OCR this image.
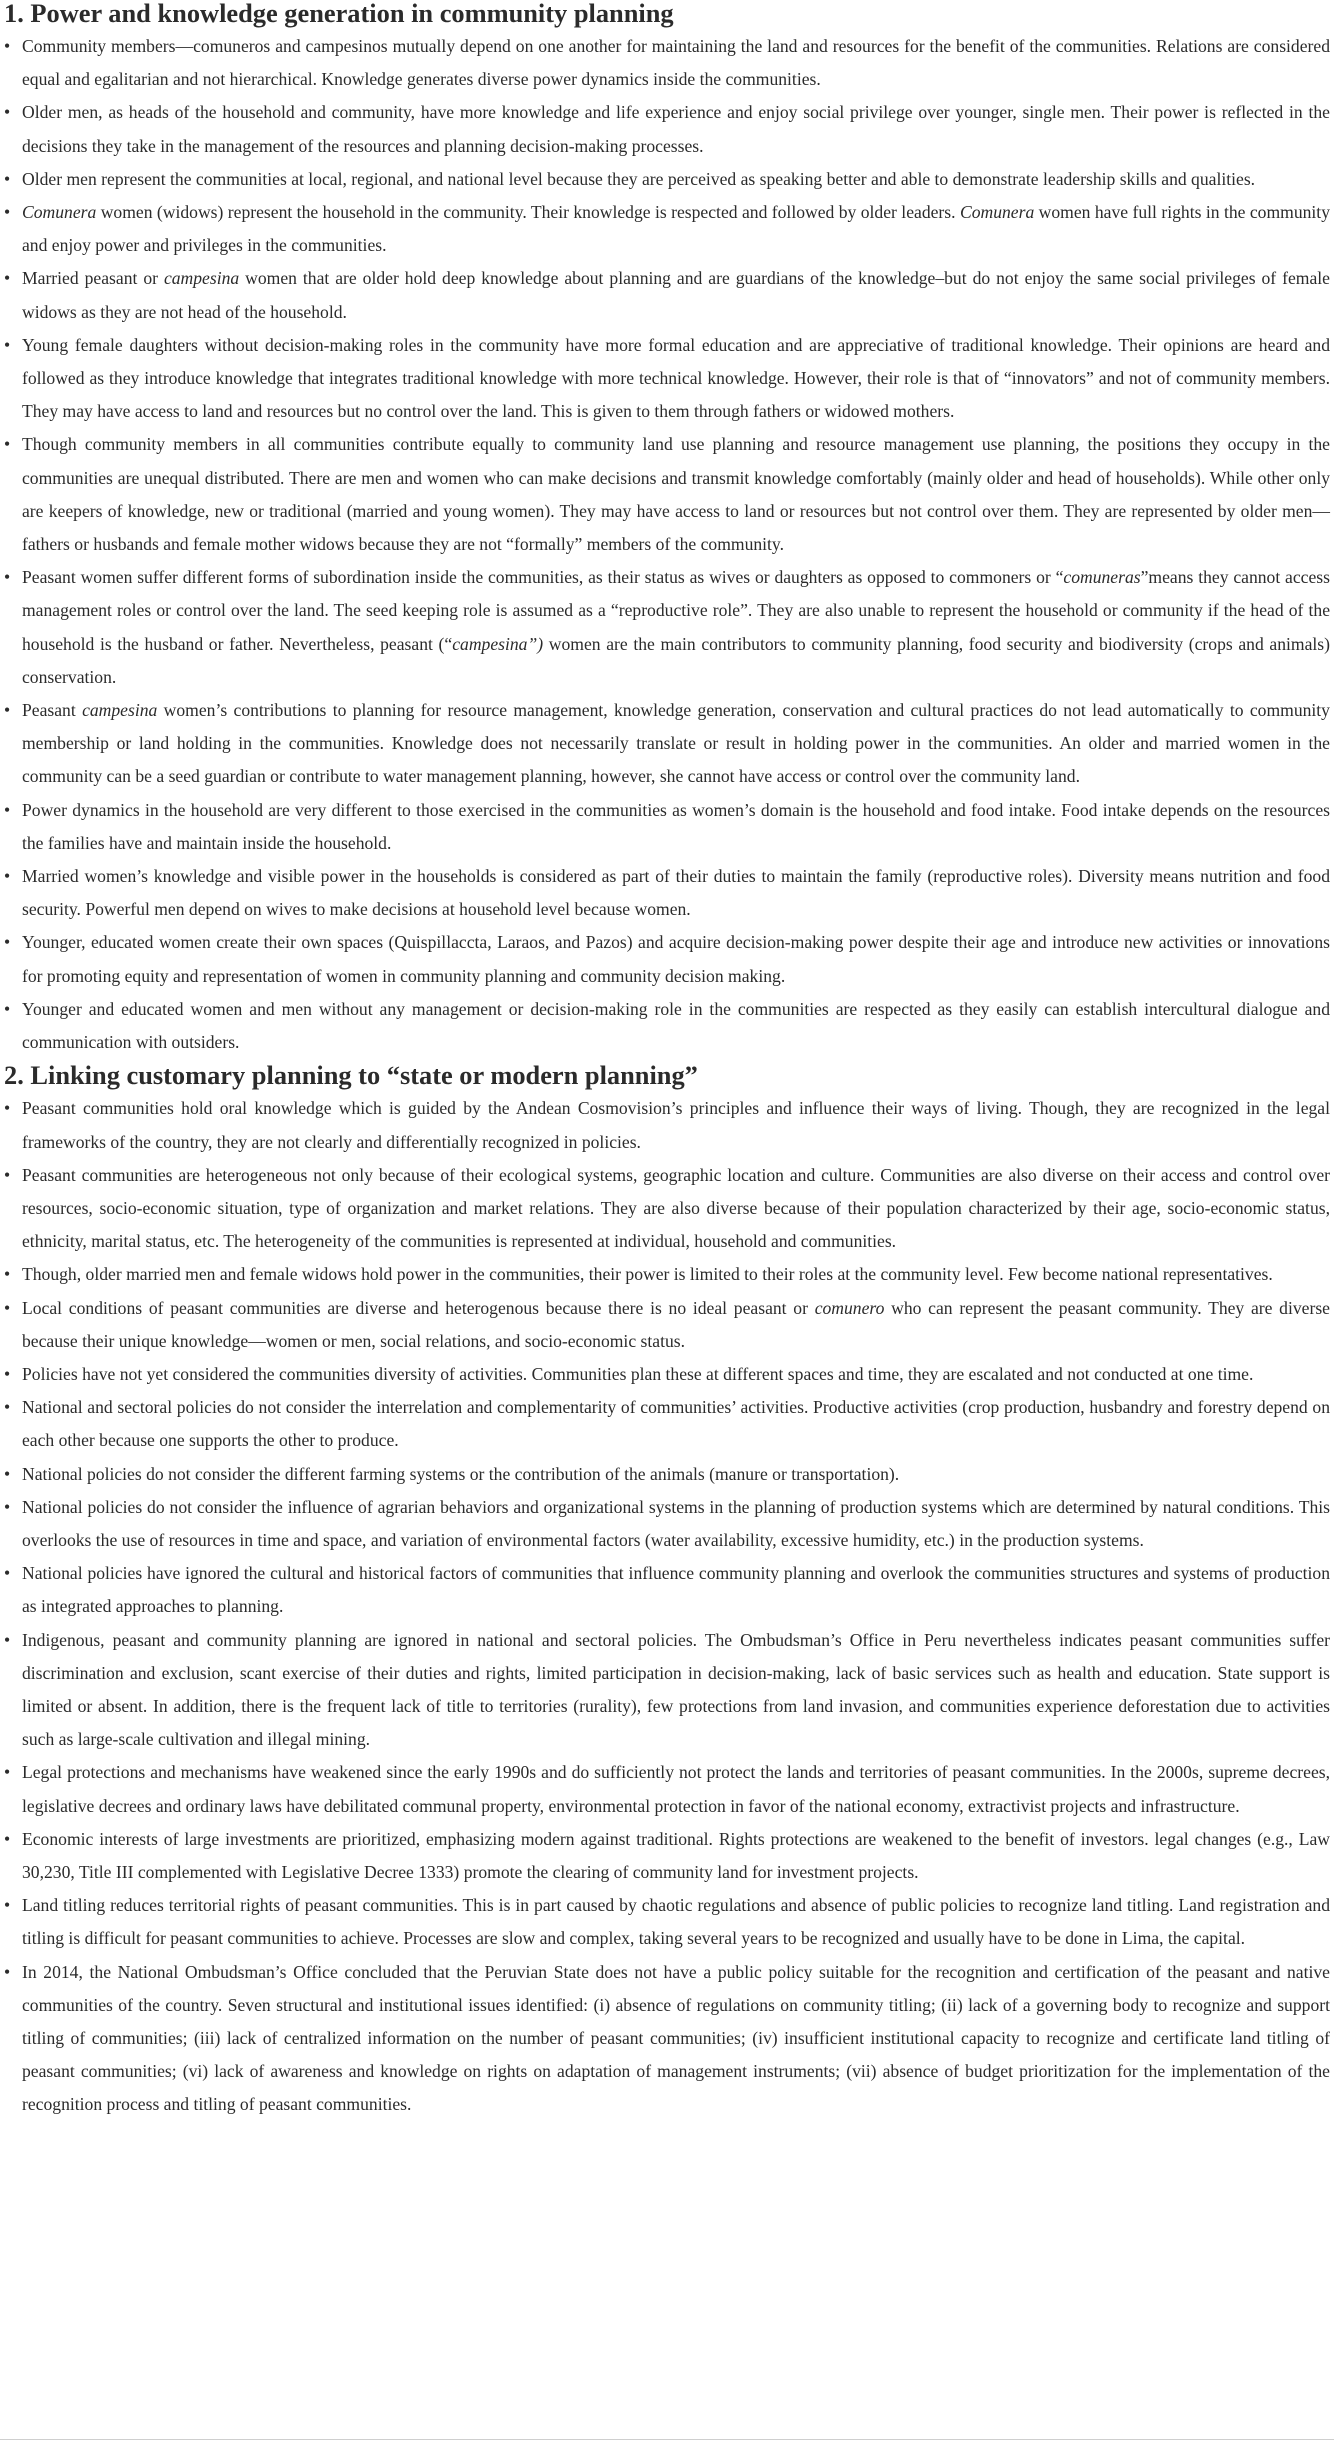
1. Power and knowledge generation in community planning

• Community members—comuneros and campesinos mutually depend on one another for maintaining the land and resources for the benefit of the communities. Relations are considered equal and egalitarian and not hierarchical. Knowledge generates diverse power dynamics inside the communities.

• Older men, as heads of the household and community, have more knowledge and life experience and enjoy social privilege over younger, single men. Their power is reflected in the decisions they take in the management of the resources and planning decision-making processes.

• Older men represent the communities at local, regional, and national level because they are perceived as speaking better and able to demonstrate leadership skills and qualities.

• Comunera women (widows) represent the household in the community. Their knowledge is respected and followed by older leaders. Comunera women have full rights in the community and enjoy power and privileges in the communities.

• Married peasant or campesina women that are older hold deep knowledge about planning and are guardians of the knowledge–but do not enjoy the same social privileges of female widows as they are not head of the household.

• Young female daughters without decision-making roles in the community have more formal education and are appreciative of traditional knowledge. Their opinions are heard and followed as they introduce knowledge that integrates traditional knowledge with more technical knowledge. However, their role is that of “innovators” and not of community members. They may have access to land and resources but no control over the land. This is given to them through fathers or widowed mothers.

• Though community members in all communities contribute equally to community land use planning and resource management use planning, the positions they occupy in the communities are unequal distributed. There are men and women who can make decisions and transmit knowledge comfortably (mainly older and head of households). While other only are keepers of knowledge, new or traditional (married and young women). They may have access to land or resources but not control over them. They are represented by older men—fathers or husbands and female mother widows because they are not “formally” members of the community.

• Peasant women suffer different forms of subordination inside the communities, as their status as wives or daughters as opposed to commoners or “comuneras”means they cannot access management roles or control over the land. The seed keeping role is assumed as a “reproductive role”. They are also unable to represent the household or community if the head of the household is the husband or father. Nevertheless, peasant (“campesina”) women are the main contributors to community planning, food security and biodiversity (crops and animals) conservation.

• Peasant campesina women’s contributions to planning for resource management, knowledge generation, conservation and cultural practices do not lead automatically to community membership or land holding in the communities. Knowledge does not necessarily translate or result in holding power in the communities. An older and married women in the community can be a seed guardian or contribute to water management planning, however, she cannot have access or control over the community land.

• Power dynamics in the household are very different to those exercised in the communities as women’s domain is the household and food intake. Food intake depends on the resources the families have and maintain inside the household.

• Married women’s knowledge and visible power in the households is considered as part of their duties to maintain the family (reproductive roles). Diversity means nutrition and food security. Powerful men depend on wives to make decisions at household level because women.

• Younger, educated women create their own spaces (Quispillaccta, Laraos, and Pazos) and acquire decision-making power despite their age and introduce new activities or innovations for promoting equity and representation of women in community planning and community decision making.

• Younger and educated women and men without any management or decision-making role in the communities are respected as they easily can establish intercultural dialogue and communication with outsiders.

2. Linking customary planning to “state or modern planning”

• Peasant communities hold oral knowledge which is guided by the Andean Cosmovision’s principles and influence their ways of living. Though, they are recognized in the legal frameworks of the country, they are not clearly and differentially recognized in policies.

• Peasant communities are heterogeneous not only because of their ecological systems, geographic location and culture. Communities are also diverse on their access and control over resources, socio-economic situation, type of organization and market relations. They are also diverse because of their population characterized by their age, socio-economic status, ethnicity, marital status, etc. The heterogeneity of the communities is represented at individual, household and communities.

• Though, older married men and female widows hold power in the communities, their power is limited to their roles at the community level. Few become national representatives.

• Local conditions of peasant communities are diverse and heterogenous because there is no ideal peasant or comunero who can represent the peasant community. They are diverse because their unique knowledge—women or men, social relations, and socio-economic status.

• Policies have not yet considered the communities diversity of activities. Communities plan these at different spaces and time, they are escalated and not conducted at one time.

• National and sectoral policies do not consider the interrelation and complementarity of communities’ activities. Productive activities (crop production, husbandry and forestry depend on each other because one supports the other to produce.

• National policies do not consider the different farming systems or the contribution of the animals (manure or transportation).

• National policies do not consider the influence of agrarian behaviors and organizational systems in the planning of production systems which are determined by natural conditions. This overlooks the use of resources in time and space, and variation of environmental factors (water availability, excessive humidity, etc.) in the production systems.

• National policies have ignored the cultural and historical factors of communities that influence community planning and overlook the communities structures and systems of production as integrated approaches to planning.

• Indigenous, peasant and community planning are ignored in national and sectoral policies. The Ombudsman’s Office in Peru nevertheless indicates peasant communities suffer discrimination and exclusion, scant exercise of their duties and rights, limited participation in decision-making, lack of basic services such as health and education. State support is limited or absent. In addition, there is the frequent lack of title to territories (rurality), few protections from land invasion, and communities experience deforestation due to activities such as large-scale cultivation and illegal mining.

• Legal protections and mechanisms have weakened since the early 1990s and do sufficiently not protect the lands and territories of peasant communities. In the 2000s, supreme decrees, legislative decrees and ordinary laws have debilitated communal property, environmental protection in favor of the national economy, extractivist projects and infrastructure.

• Economic interests of large investments are prioritized, emphasizing modern against traditional. Rights protections are weakened to the benefit of investors. legal changes (e.g., Law 30,230, Title III complemented with Legislative Decree 1333) promote the clearing of community land for investment projects.

• Land titling reduces territorial rights of peasant communities. This is in part caused by chaotic regulations and absence of public policies to recognize land titling. Land registration and titling is difficult for peasant communities to achieve. Processes are slow and complex, taking several years to be recognized and usually have to be done in Lima, the capital.

• In 2014, the National Ombudsman’s Office concluded that the Peruvian State does not have a public policy suitable for the recognition and certification of the peasant and native communities of the country. Seven structural and institutional issues identified: (i) absence of regulations on community titling; (ii) lack of a governing body to recognize and support titling of communities; (iii) lack of centralized information on the number of peasant communities; (iv) insufficient institutional capacity to recognize and certificate land titling of peasant communities; (vi) lack of awareness and knowledge on rights on adaptation of management instruments; (vii) absence of budget prioritization for the implementation of the recognition process and titling of peasant communities.
